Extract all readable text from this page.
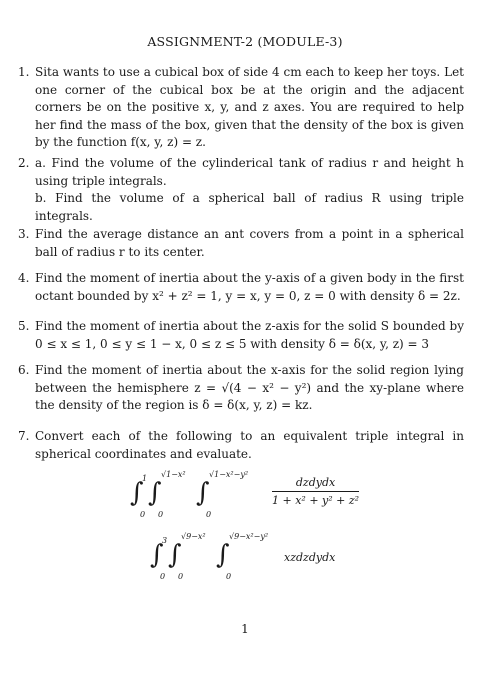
ASSIGNMENT-2 (MODULE-3)
1. Sita wants to use a cubical box of side 4 cm each to keep her toys. Let one corner of the cubical box be at the origin and the adjacent corners be on the positive x, y, and z axes. You are required to help her find the mass of the box, given that the density of the box is given by the function f(x, y, z) = z.
2. a. Find the volume of the cylinderical tank of radius r and height h using triple integrals.
b. Find the volume of a spherical ball of radius R using triple integrals.
3. Find the average distance an ant covers from a point in a spherical ball of radius r to its center.
4. Find the moment of inertia about the y-axis of a given body in the first octant bounded by x² + z² = 1, y = x, y = 0, z = 0 with density δ = 2z.
5. Find the moment of inertia about the z-axis for the solid S bounded by 0 ≤ x ≤ 1, 0 ≤ y ≤ 1 − x, 0 ≤ z ≤ 5 with density δ = δ(x, y, z) = 3
6. Find the moment of inertia about the x-axis for the solid region lying between the hemisphere z = √(4 − x² − y²) and the xy-plane where the density of the region is δ = δ(x, y, z) = kz.
7. Convert each of the following to an equivalent triple integral in spherical coordinates and evaluate.
∫
1
0
∫
√1−x²
0
∫
√1−x²−y²
0
dzdydx
1 + x² + y² + z²
∫
3
0
∫
√9−x²
0
∫
√9−x²−y²
0
xzdzdydx
1
